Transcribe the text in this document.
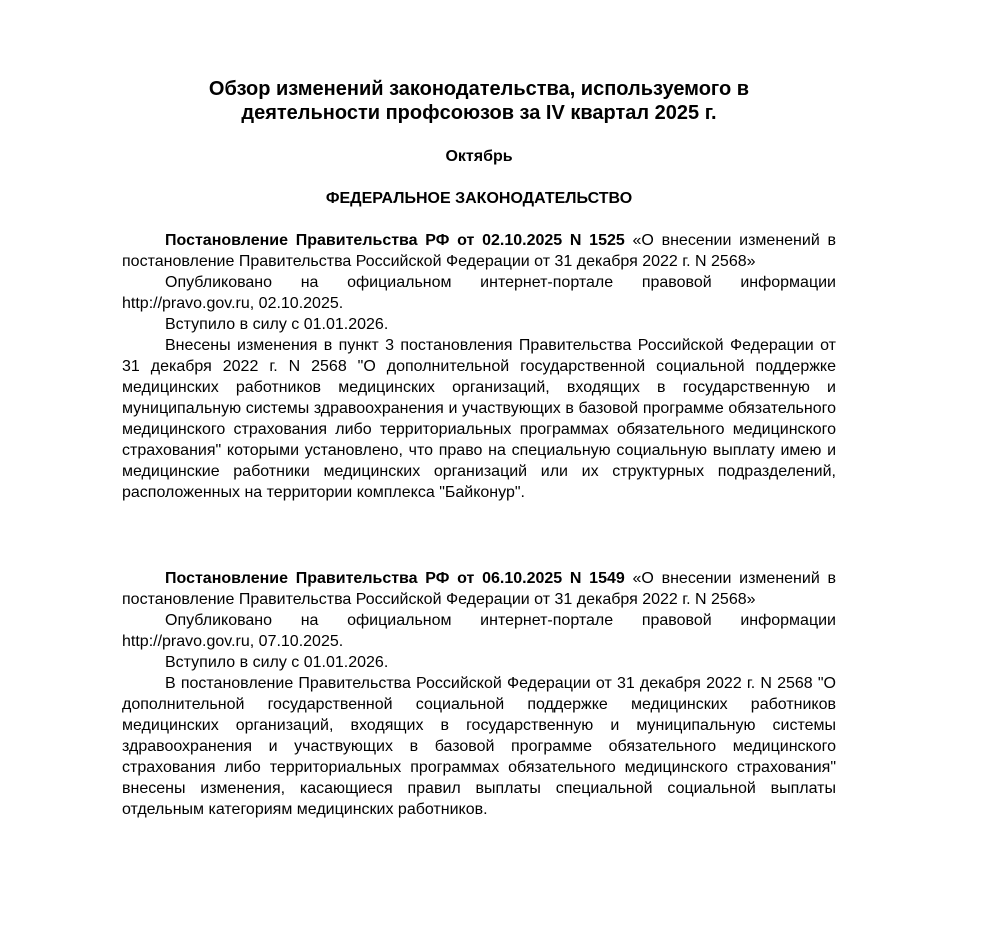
Обзор изменений законодательства, используемого в
деятельности профсоюзов за IV квартал 2025 г.
Октябрь
ФЕДЕРАЛЬНОЕ ЗАКОНОДАТЕЛЬСТВО

Постановление Правительства РФ от 02.10.2025 N 1525 «О внесении изменений в постановление Правительства Российской Федерации от 31 декабря 2022 г. N 2568»

Опубликовано на официальном интернет-портале правовой информации http://pravo.gov.ru, 02.10.2025.

Вступило в силу с 01.01.2026.

Внесены изменения в пункт 3 постановления Правительства Российской Федерации от 31 декабря 2022 г. N 2568 "О дополнительной государственной социальной поддержке медицинских работников медицинских организаций, входящих в государственную и муниципальную системы здравоохранения и участвующих в базовой программе обязательного медицинского страхования либо территориальных программах обязательного медицинского страхования" которыми установлено, что право на специальную социальную выплату имею и медицинские работники медицинских организаций или их структурных подразделений, расположенных на территории комплекса "Байконур".

Постановление Правительства РФ от 06.10.2025 N 1549 «О внесении изменений в постановление Правительства Российской Федерации от 31 декабря 2022 г. N 2568»

Опубликовано на официальном интернет-портале правовой информации http://pravo.gov.ru, 07.10.2025.

Вступило в силу с 01.01.2026.

В постановление Правительства Российской Федерации от 31 декабря 2022 г. N 2568 "О дополнительной государственной социальной поддержке медицинских работников медицинских организаций, входящих в государственную и муниципальную системы здравоохранения и участвующих в базовой программе обязательного медицинского страхования либо территориальных программах обязательного медицинского страхования" внесены изменения, касающиеся правил выплаты специальной социальной выплаты отдельным категориям медицинских работников.
